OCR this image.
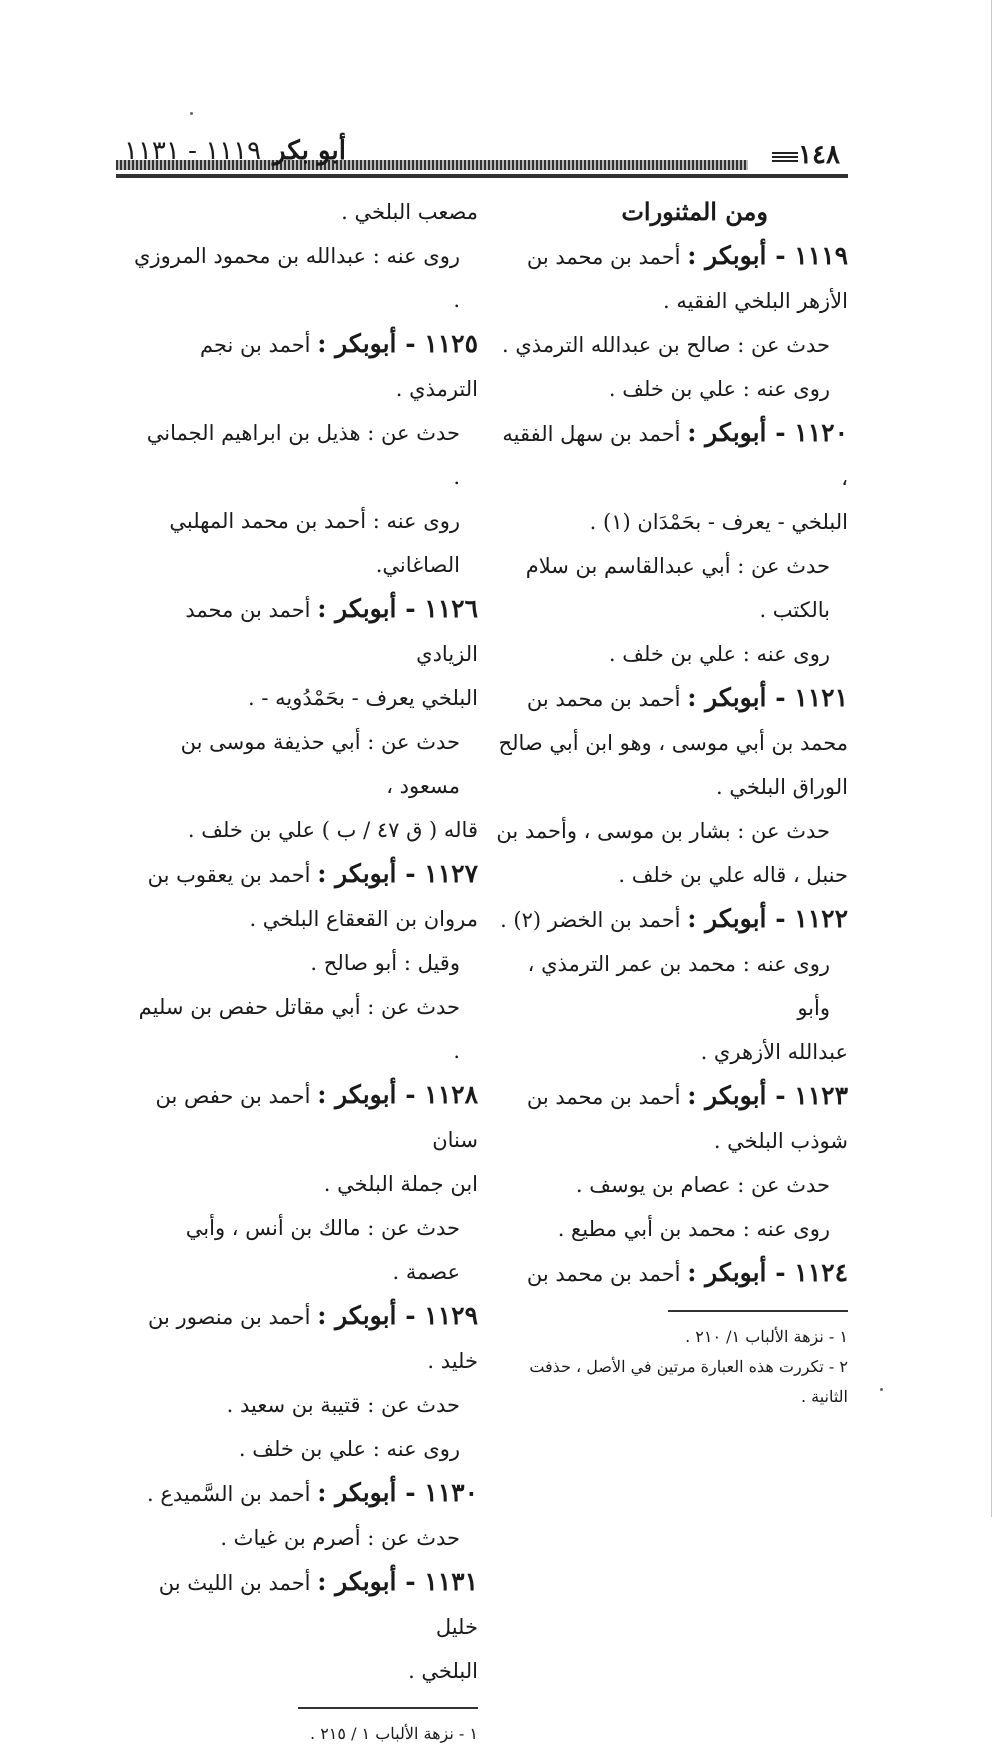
١٤٨
أبو بكر١١١٩ - ١١٣١

ومن المثنورات

١١١٩ - أبوبكر : أحمد بن محمد بن

الأزهر البلخي الفقيه .

حدث عن : صالح بن عبدالله الترمذي .

روى عنه : علي بن خلف .

١١٢٠ - أبوبكر : أحمد بن سهل الفقيه ،

البلخي - يعرف - بحَمْدَان (١) .

حدث عن : أبي عبدالقاسم بن سلام بالكتب .

روى عنه : علي بن خلف .

١١٢١ - أبوبكر : أحمد بن محمد بن

محمد بن أبي موسى ، وهو ابن أبي صالح

الوراق البلخي .

حدث عن : بشار بن موسى ، وأحمد بن

حنبل ، قاله علي بن خلف .

١١٢٢ - أبوبكر : أحمد بن الخضر (٢) .

روى عنه : محمد بن عمر الترمذي ، وأبو

عبدالله الأزهري .

١١٢٣ - أبوبكر : أحمد بن محمد بن

شوذب البلخي .

حدث عن : عصام بن يوسف .

روى عنه : محمد بن أبي مطيع .

١١٢٤ - أبوبكر : أحمد بن محمد بن

١ - نزهة الألباب ١/ ٢١٠ .

٢ - تكررت هذه العبارة مرتين في الأصل ، حذفت

الثانية .

مصعب البلخي .

روى عنه : عبدالله بن محمود المروزي .

١١٢٥ - أبوبكر : أحمد بن نجم الترمذي .

حدث عن : هذيل بن ابراهيم الجماني .

روى عنه : أحمد بن محمد المهلبي الصاغاني.

١١٢٦ - أبوبكر : أحمد بن محمد الزيادي

البلخي يعرف - بحَمْدُويه - .

حدث عن : أبي حذيفة موسى بن مسعود ،

قاله ( ق ٤٧ / ب ) علي بن خلف .

١١٢٧ - أبوبكر : أحمد بن يعقوب بن

مروان بن القعقاع البلخي .

وقيل : أبو صالح .

حدث عن : أبي مقاتل حفص بن سليم .

١١٢٨ - أبوبكر : أحمد بن حفص بن سنان

ابن جملة البلخي .

حدث عن : مالك بن أنس ، وأبي عصمة .

١١٢٩ - أبوبكر : أحمد بن منصور بن

خليد .

حدث عن : قتيبة بن سعيد .

روى عنه : علي بن خلف .

١١٣٠ - أبوبكر : أحمد بن السَّميدع .

حدث عن : أصرم بن غياث .

١١٣١ - أبوبكر : أحمد بن الليث بن خليل

البلخي .

١ - نزهة الألباب ١ / ٢١٥ .
